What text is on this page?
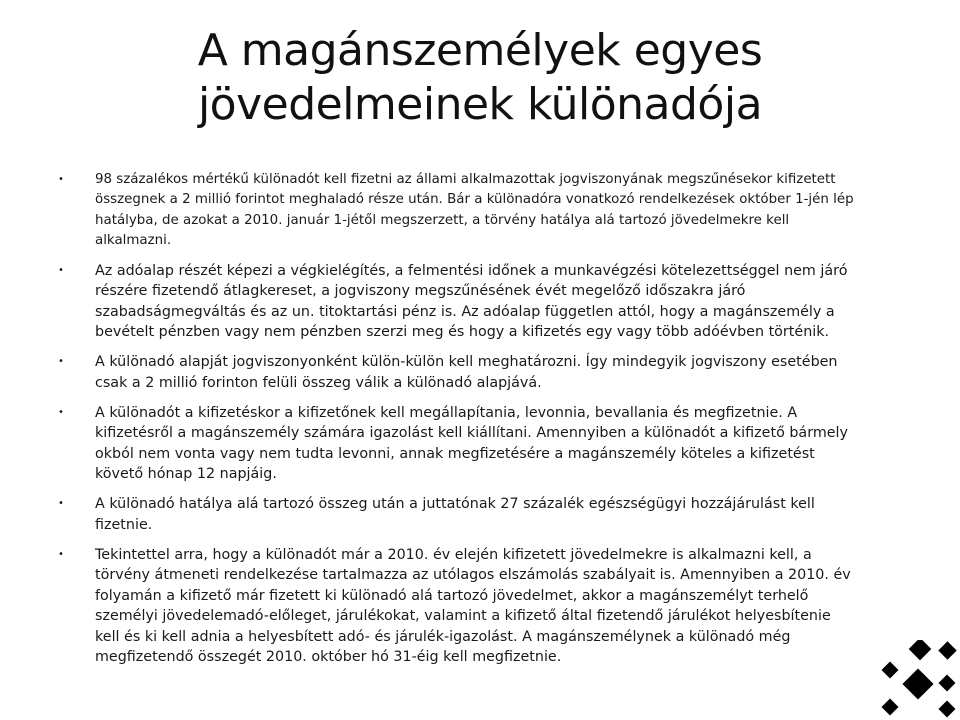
A magánszemélyek egyes
jövedelmeinek különadója
• 98 százalékos mértékű különadót kell fizetni az állami alkalmazottak jogviszonyának megszűnésekor kifizetett összegnek a 2 millió forintot meghaladó része után. Bár a különadóra vonatkozó rendelkezések október 1-jén lép hatályba, de azokat a 2010. január 1-jétől megszerzett, a törvény hatálya alá tartozó jövedelmekre kell alkalmazni.
• Az adóalap részét képezi a végkielégítés, a felmentési időnek a munkavégzési kötelezettséggel nem járó részére fizetendő átlagkereset, a jogviszony megszűnésének évét megelőző időszakra járó szabadságmegváltás és az un. titoktartási pénz is. Az adóalap független attól, hogy a magánszemély a bevételt pénzben vagy nem pénzben szerzi meg és hogy a kifizetés egy vagy több adóévben történik.
• A különadó alapját jogviszonyonként külön-külön kell meghatározni. Így mindegyik jogviszony esetében csak a 2 millió forinton felüli összeg válik a különadó alapjává.
• A különadót a kifizetéskor a kifizetőnek kell megállapítania, levonnia, bevallania és megfizetnie. A kifizetésről a magánszemély számára igazolást kell kiállítani. Amennyiben a különadót a kifizető bármely okból nem vonta vagy nem tudta levonni, annak megfizetésére a magánszemély köteles a kifizetést követő hónap 12 napjáig.
• A különadó hatálya alá tartozó összeg után a juttatónak 27 százalék egészségügyi hozzájárulást kell fizetnie.
• Tekintettel arra, hogy a különadót már a 2010. év elején kifizetett jövedelmekre is alkalmazni kell, a törvény átmeneti rendelkezése tartalmazza az utólagos elszámolás szabályait is. Amennyiben a 2010. év folyamán a kifizető már fizetett ki különadó alá tartozó jövedelmet, akkor a magánszemélyt terhelő személyi jövedelemadó-előleget, járulékokat, valamint a kifizető által fizetendő járulékot helyesbítenie kell és ki kell adnia a helyesbített adó- és járulék-igazolást. A magánszemélynek a különadó még megfizetendő összegét 2010. október hó 31-éig kell megfizetnie.
